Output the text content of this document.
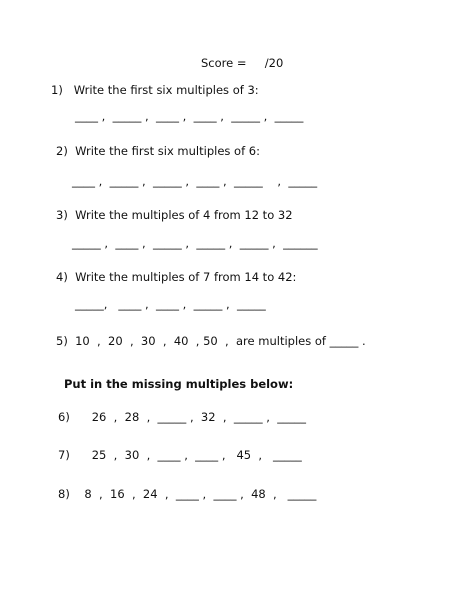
Score =     /20
1)   Write the first six multiples of 3:
____ ,  _____ ,  ____ ,  ____ ,  _____ ,  _____
2)  Write the first six multiples of 6:
____ ,  _____ ,  _____ ,  ____ ,  _____    ,  _____
3)  Write the multiples of 4 from 12 to 32
_____ ,  ____ ,  _____ ,  _____ ,  _____ ,  ______
4)  Write the multiples of 7 from 14 to 42:
_____,   ____ ,  ____ ,  _____ ,  _____
5)  10  ,  20  ,  30  ,  40  , 50  ,  are multiples of _____ .
Put in the missing multiples below:
6)      26  ,  28  ,  _____ ,  32  ,  _____ ,  _____
7)      25  ,  30  ,  ____ ,  ____ ,   45  ,   _____
8)    8  ,  16  ,  24  ,  ____ ,  ____ ,  48  ,   _____
